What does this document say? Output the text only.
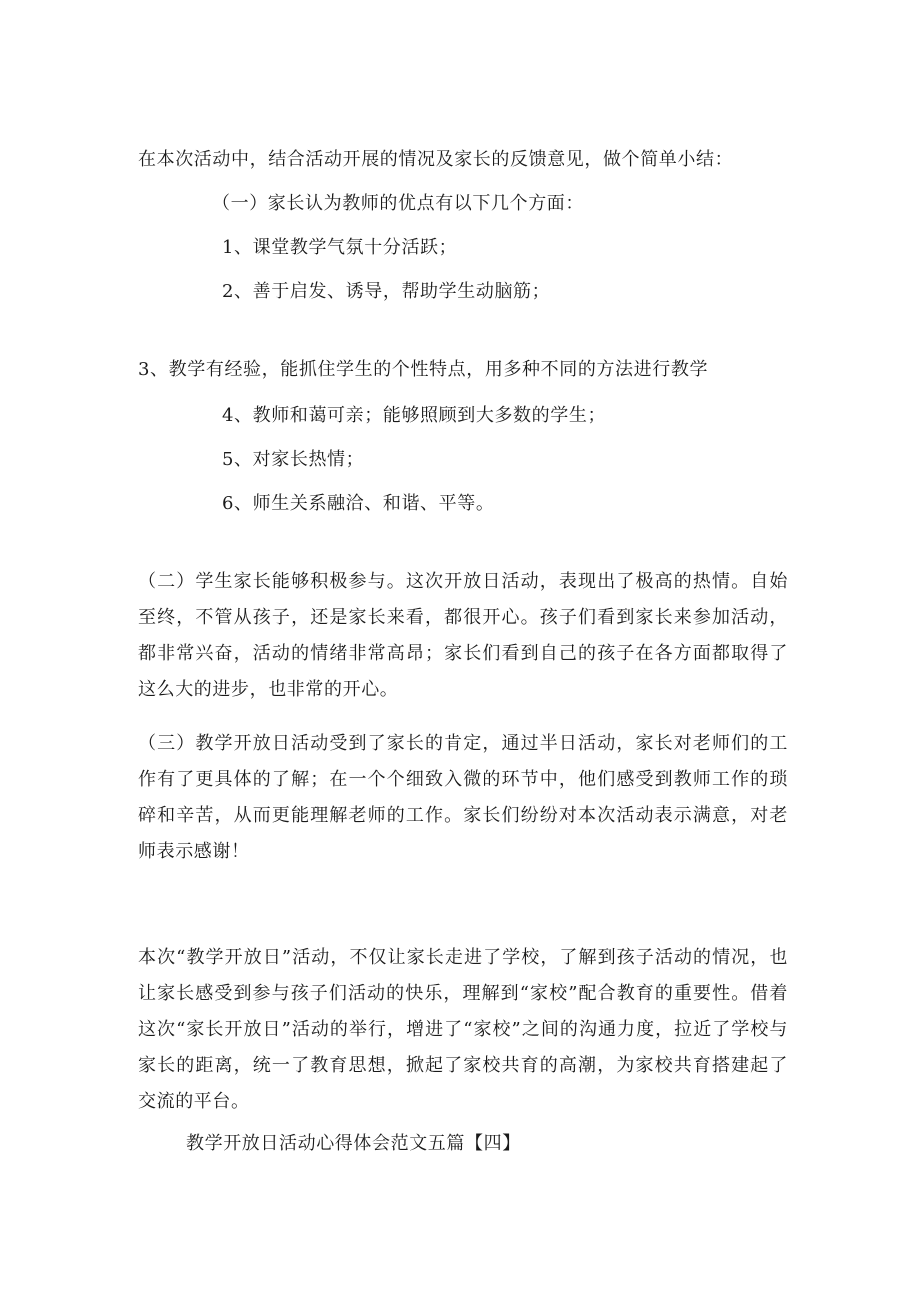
在本次活动中，结合活动开展的情况及家长的反馈意见，做个简单小结：
（一）家长认为教师的优点有以下几个方面：
1、课堂教学气氛十分活跃；
2、善于启发、诱导，帮助学生动脑筋；
3、教学有经验，能抓住学生的个性特点，用多种不同的方法进行教学
4、教师和蔼可亲；能够照顾到大多数的学生；
5、对家长热情；
6、师生关系融洽、和谐、平等。
（二）学生家长能够积极参与。这次开放日活动，表现出了极高的热情。自始至终，不管从孩子，还是家长来看，都很开心。孩子们看到家长来参加活动，都非常兴奋，活动的情绪非常高昂；家长们看到自己的孩子在各方面都取得了这么大的进步，也非常的开心。
（三）教学开放日活动受到了家长的肯定，通过半日活动，家长对老师们的工作有了更具体的了解；在一个个细致入微的环节中，他们感受到教师工作的琐碎和辛苦，从而更能理解老师的工作。家长们纷纷对本次活动表示满意，对老师表示感谢！
本次“教学开放日”活动，不仅让家长走进了学校，了解到孩子活动的情况，也让家长感受到参与孩子们活动的快乐，理解到“家校”配合教育的重要性。借着这次“家长开放日”活动的举行，增进了“家校”之间的沟通力度，拉近了学校与家长的距离，统一了教育思想，掀起了家校共育的高潮，为家校共育搭建起了交流的平台。
教学开放日活动心得体会范文五篇【四】
